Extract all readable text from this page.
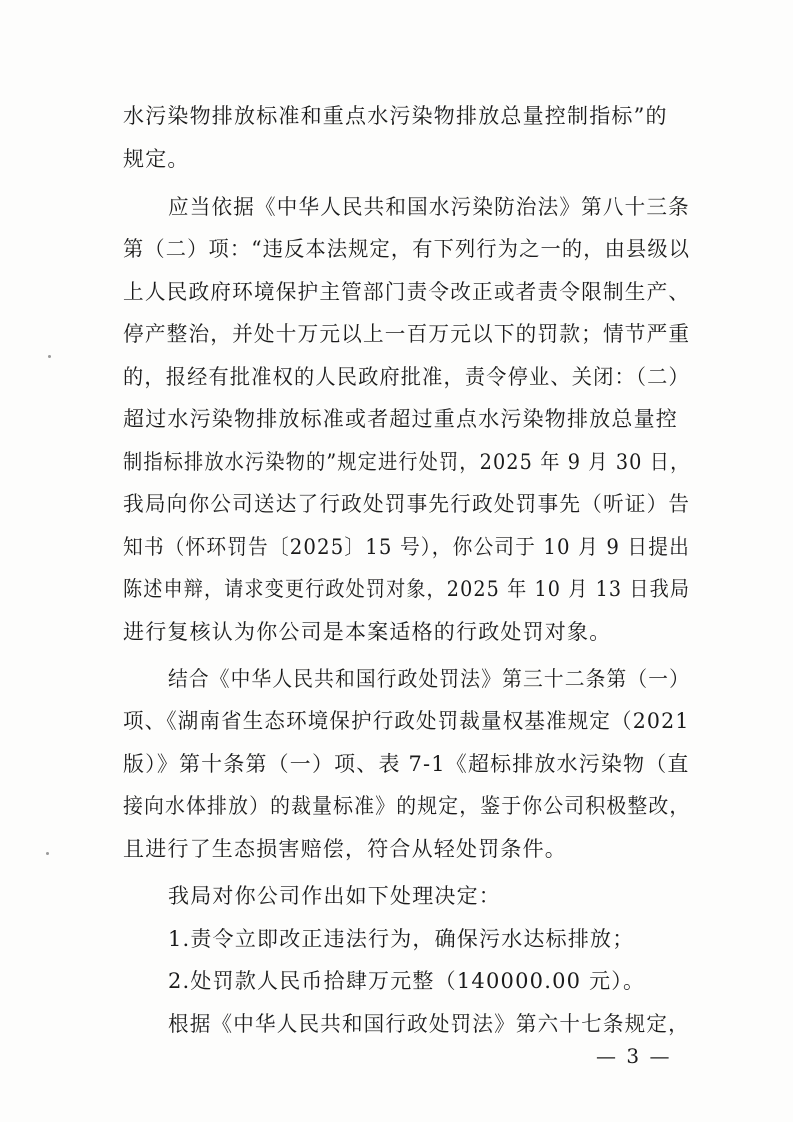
水污染物排放标准和重点水污染物排放总量控制指标”的
规定。
应当依据《中华人民共和国水污染防治法》第八十三条
第（二）项：“违反本法规定，有下列行为之一的，由县级以
上人民政府环境保护主管部门责令改正或者责令限制生产、
停产整治，并处十万元以上一百万元以下的罚款；情节严重
的，报经有批准权的人民政府批准，责令停业、关闭：（二）
超过水污染物排放标准或者超过重点水污染物排放总量控
制指标排放水污染物的”规定进行处罚，2025 年 9 月 30 日，
我局向你公司送达了行政处罚事先行政处罚事先（听证）告
知书（怀环罚告〔2025〕15 号），你公司于 10 月 9 日提出
陈述申辩，请求变更行政处罚对象，2025 年 10 月 13 日我局
进行复核认为你公司是本案适格的行政处罚对象。
结合《中华人民共和国行政处罚法》第三十二条第（一）
项、《湖南省生态环境保护行政处罚裁量权基准规定（2021
版）》第十条第（一）项、表 7-1《超标排放水污染物（直
接向水体排放）的裁量标准》的规定，鉴于你公司积极整改，
且进行了生态损害赔偿，符合从轻处罚条件。
我局对你公司作出如下处理决定：
1.责令立即改正违法行为，确保污水达标排放；
2.处罚款人民币拾肆万元整（140000.00 元）。
根据《中华人民共和国行政处罚法》第六十七条规定，
— 3 —
